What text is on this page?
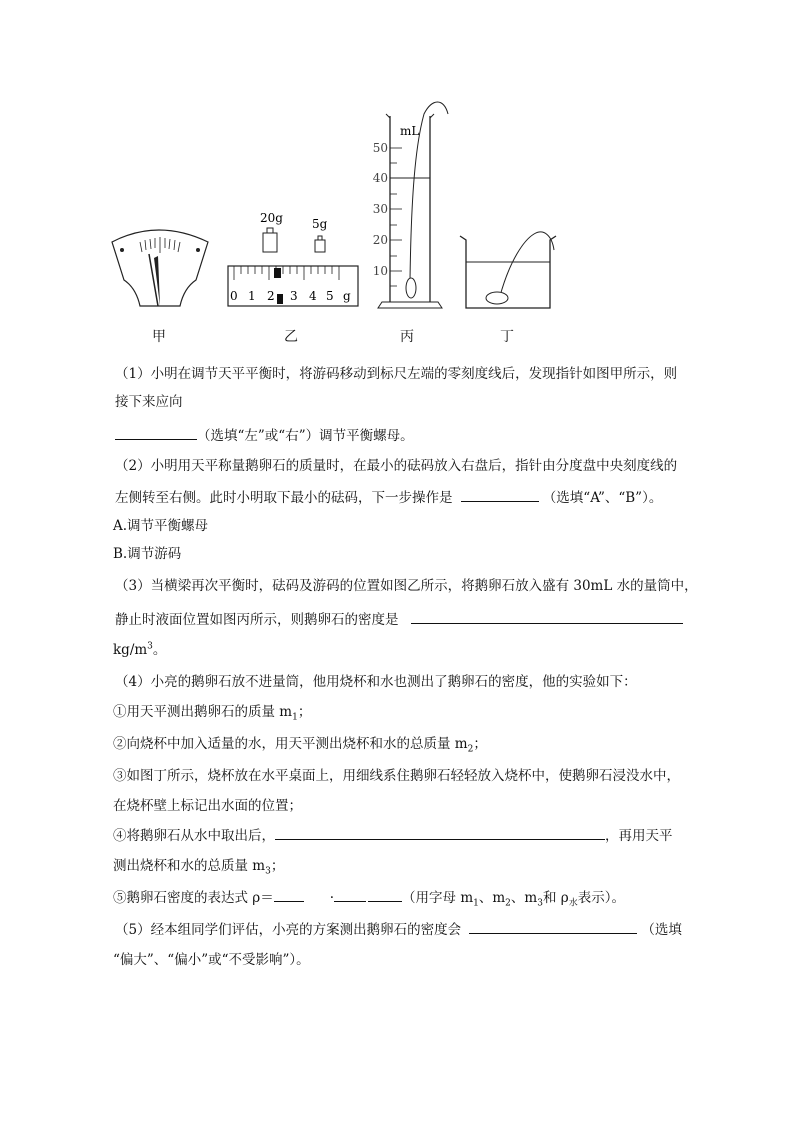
20g 5g
0 1 2 3 4 5 g
mL
50
40
30
20
10
甲	乙	丙	丁
（1）小明在调节天平平衡时，将游码移动到标尺左端的零刻度线后，发现指针如图甲所示，则
接下来应向
（选填“左”或“右”）调节平衡螺母。
（2）小明用天平称量鹅卵石的质量时，在最小的砝码放入右盘后，指针由分度盘中央刻度线的
左侧转至右侧。此时小明取下最小的砝码，下一步操作是	（选填“A”、“B”）。
A.调节平衡螺母
B.调节游码
（3）当横梁再次平衡时，砝码及游码的位置如图乙所示，将鹅卵石放入盛有 30mL 水的量筒中，
静止时液面位置如图丙所示，则鹅卵石的密度是
$kg/m^3$。
（4）小亮的鹅卵石放不进量筒，他用烧杯和水也测出了鹅卵石的密度，他的实验如下：
①用天平测出鹅卵石的质量 $m_1$；
②向烧杯中加入适量的水，用天平测出烧杯和水的总质量 $m_2$；
③如图丁所示，烧杯放在水平桌面上，用细线系住鹅卵石轻轻放入烧杯中，使鹅卵石浸没水中，
在烧杯壁上标记出水面的位置；
④将鹅卵石从水中取出后，	，再用天平
测出烧杯和水的总质量 $m_3$；
⑤鹅卵石密度的表达式 ρ＝	·	（用字母 $m_1$、$m_2$、$m_3$和 $\rho_水$表示）。
（5）经本组同学们评估，小亮的方案测出鹅卵石的密度会	（选填
“偏大”、“偏小”或“不受影响”）。
